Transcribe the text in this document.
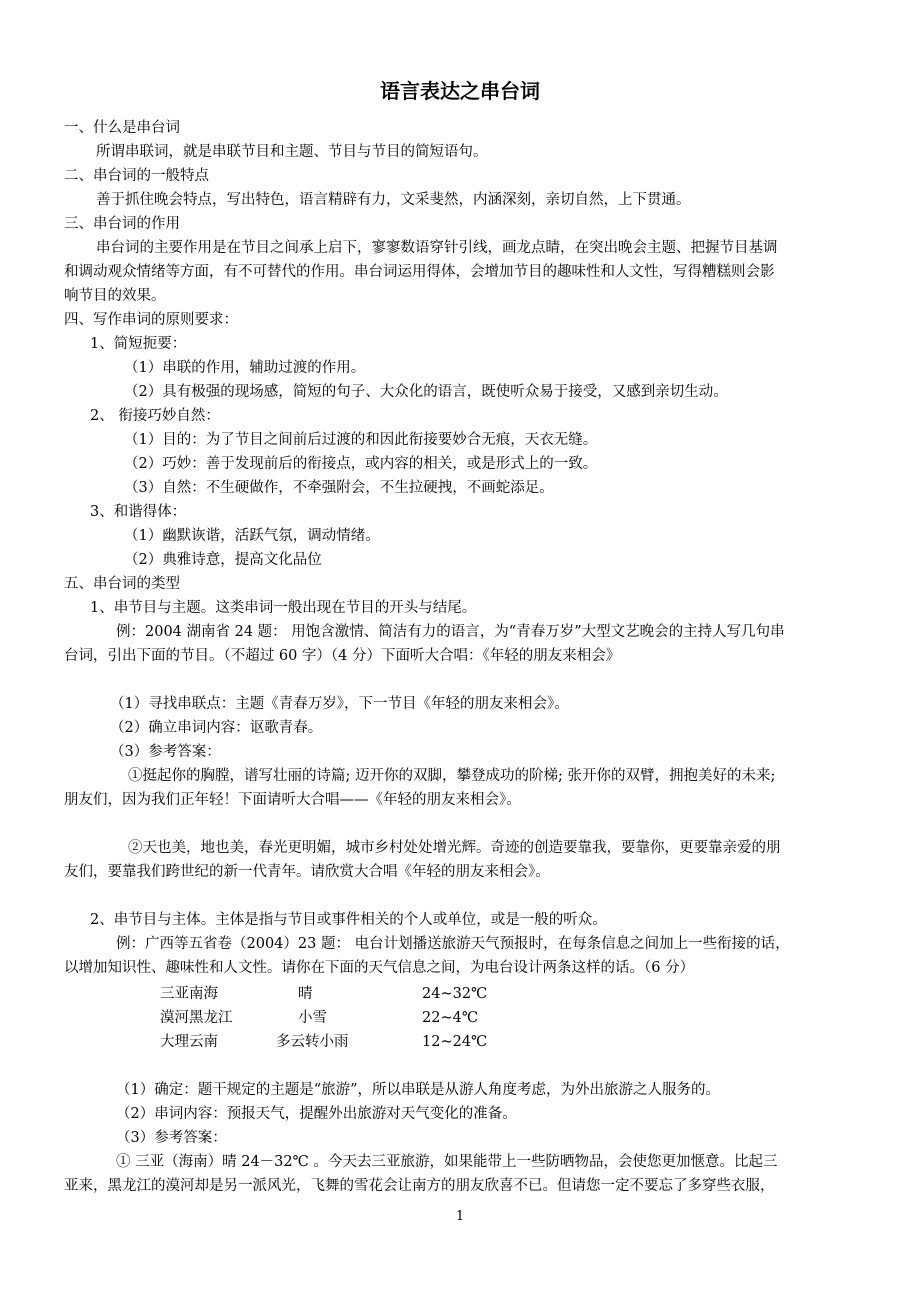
语言表达之串台词
一、什么是串台词
所谓串联词，就是串联节目和主题、节目与节目的简短语句。
二、串台词的一般特点
善于抓住晚会特点，写出特色，语言精辟有力，文采斐然，内涵深刻，亲切自然，上下贯通。
三、串台词的作用
串台词的主要作用是在节目之间承上启下，寥寥数语穿针引线，画龙点睛，在突出晚会主题、把握节目基调
和调动观众情绪等方面，有不可替代的作用。串台词运用得体，会增加节目的趣味性和人文性，写得糟糕则会影
响节目的效果。
四、写作串词的原则要求：
1、简短扼要：
（1）串联的作用，辅助过渡的作用。
（2）具有极强的现场感，简短的句子、大众化的语言，既使听众易于接受，又感到亲切生动。
2、 衔接巧妙自然：
（1）目的：为了节目之间前后过渡的和因此衔接要妙合无痕，天衣无缝。
（2）巧妙：善于发现前后的衔接点，或内容的相关，或是形式上的一致。
（3）自然：不生硬做作，不牵强附会，不生拉硬拽，不画蛇添足。
3、和谐得体：
（1）幽默诙谐，活跃气氛，调动情绪。
（2）典雅诗意，提高文化品位
五、串台词的类型
1、串节目与主题。这类串词一般出现在节目的开头与结尾。
例：2004 湖南省 24 题： 用饱含激情、简洁有力的语言，为“青春万岁”大型文艺晚会的主持人写几句串
台词，引出下面的节目。（不超过 60 字）（4 分）下面听大合唱：《年轻的朋友来相会》
（1）寻找串联点：主题《青春万岁》，下一节目《年轻的朋友来相会》。
（2）确立串词内容：讴歌青春。
（3）参考答案：
①挺起你的胸膛，谱写壮丽的诗篇; 迈开你的双脚，攀登成功的阶梯; 张开你的双臂，拥抱美好的未来;
朋友们，因为我们正年轻！下面请听大合唱——《年轻的朋友来相会》。
②天也美，地也美，春光更明媚，城市乡村处处增光辉。奇迹的创造要靠我，要靠你，更要靠亲爱的朋
友们，要靠我们跨世纪的新一代青年。请欣赏大合唱《年轻的朋友来相会》。
2、串节目与主体。主体是指与节目或事件相关的个人或单位，或是一般的听众。
例：广西等五省卷（2004）23 题： 电台计划播送旅游天气预报时，在每条信息之间加上一些衔接的话，
以增加知识性、趣味性和人文性。请你在下面的天气信息之间，为电台设计两条这样的话。（6 分）
三亚南海	晴	24~32℃
漠河黑龙江	小雪	22~4℃
大理云南	多云转小雨	12~24℃
（1）确定：题干规定的主题是“旅游”，所以串联是从游人角度考虑，为外出旅游之人服务的。
（2）串词内容：预报天气，提醒外出旅游对天气变化的准备。
（3）参考答案：
① 三亚（海南）晴 24－32℃ 。今天去三亚旅游，如果能带上一些防晒物品，会使您更加惬意。比起三
亚来，黑龙江的漠河却是另一派风光，飞舞的雪花会让南方的朋友欣喜不已。但请您一定不要忘了多穿些衣服，
1
